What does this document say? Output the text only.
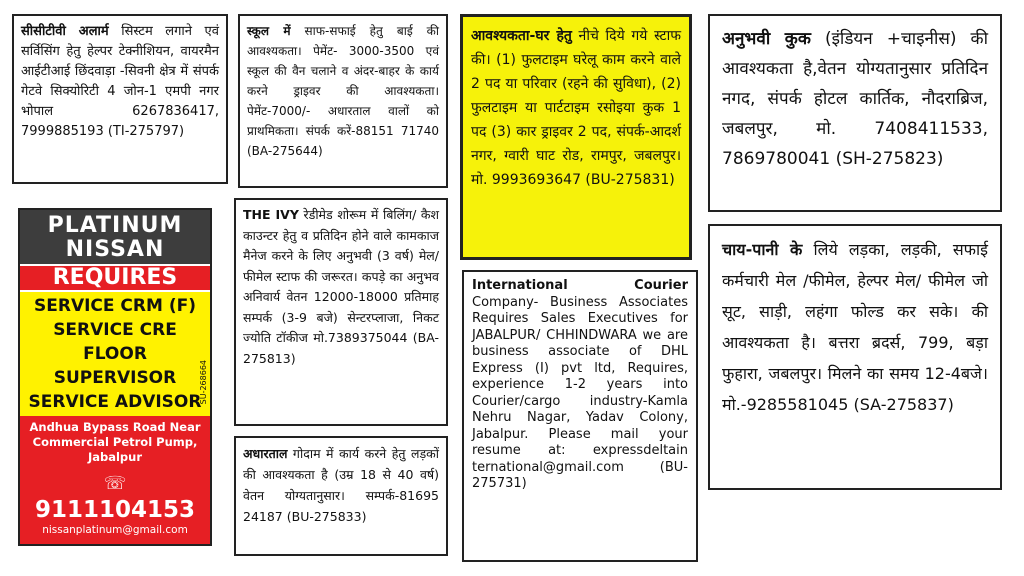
सीसीटीवी अलार्म सिस्टम लगाने एवं सर्विसिंग हेतु हेल्पर टेक्नीशियन, वायरमैन आईटीआई छिंदवाड़ा -सिवनी क्षेत्र में संपर्क गेटवे सिक्योरिटी 4 जोन-1 एमपी नगर भोपाल 6267836417, 7999885193 (TI-275797)
स्कूल में साफ-सफाई हेतु बाई की आवश्यकता। पेमेंट- 3000-3500 एवं स्कूल की वैन चलाने व अंदर-बाहर के कार्य करने ड्राइवर की आवश्यकता। पेमेंट-7000/- अधारताल वालों को प्राथमिकता। संपर्क करें-88151 71740 (BA-275644)
आवश्यकता-घर हेतु नीचे दिये गये स्टाफ की। (1) फुलटाइम घरेलू काम करने वाले 2 पद या परिवार (रहने की सुविधा), (2) फुलटाइम या पार्टटाइम रसोइया कुक 1 पद (3) कार ड्राइवर 2 पद, संपर्क-आदर्श नगर, ग्वारी घाट रोड, रामपुर, जबलपुर। मो. 9993693647 (BU-275831)
अनुभवी कुक (इंडियन +चाइनीस) की आवश्यकता है,वेतन योग्यतानुसार प्रतिदिन नगद, संपर्क होटल कार्तिक, नौदराब्रिज, जबलपुर, मो. 7408411533, 7869780041 (SH-275823)
PLATINUM
NISSAN
REQUIRES
SERVICE CRM (F)
SERVICE CRE
FLOOR SUPERVISOR
SERVICE ADVISOR
Andhua Bypass Road Near Commercial Petrol Pump, Jabalpur
☏ 9111104153
nissanplatinum@gmail.com
SU-268664
THE IVY रेडीमेड शोरूम में बिलिंग/ कैश काउन्टर हेतु व प्रतिदिन होने वाले कामकाज मैनेज करने के लिए अनुभवी (3 वर्ष) मेल/फीमेल स्टाफ की जरूरत। कपड़े का अनुभव अनिवार्य वेतन 12000-18000 प्रतिमाह सम्पर्क (3-9 बजे) सेन्टरप्लाजा, निकट ज्योति टॉकीज मो.7389375044 (BA-275813)
अधारताल गोदाम में कार्य करने हेतु लड़कों की आवश्यकता है (उम्र 18 से 40 वर्ष) वेतन योग्यतानुसार। सम्पर्क-81695 24187 (BU-275833)
International Courier Company- Business Associates Requires Sales Executives for JABALPUR/ CHHINDWARA we are business associate of DHL Express (I) pvt ltd, Requires, experience 1-2 years into Courier/cargo industry-Kamla Nehru Nagar, Yadav Colony, Jabalpur. Please mail your resume at: expressdeltain ternational@gmail.com (BU-275731)
चाय-पानी के लिये लड़का, लड़की, सफाई कर्मचारी मेल /फीमेल, हेल्पर मेल/ फीमेल जो सूट, साड़ी, लहंगा फोल्ड कर सके। की आवश्यकता है। बत्तरा ब्रदर्स, 799, बड़ा फुहारा, जबलपुर। मिलने का समय 12-4बजे। मो.-9285581045 (SA-275837)
